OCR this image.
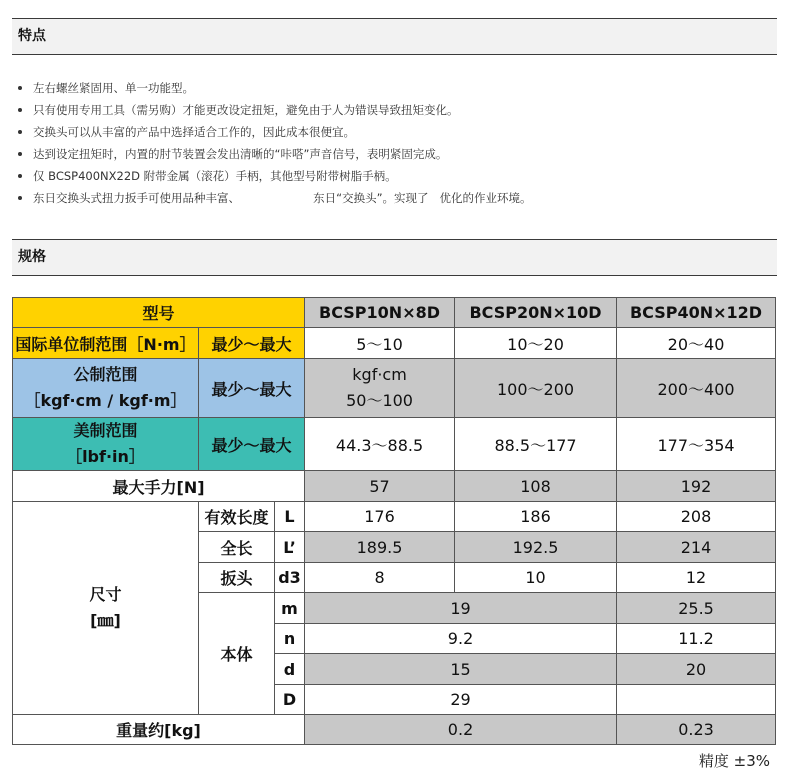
特点
左右螺丝紧固用、单一功能型。
只有使用专用工具（需另购）才能更改设定扭矩，避免由于人为错误导致扭矩变化。
交换头可以从丰富的产品中选择适合工作的，因此成本很便宜。
达到设定扭矩时，内置的肘节装置会发出清晰的“咔嗒”声音信号，表明紧固完成。
仅 BCSP400NX22D 附带金属（滚花）手柄，其他型号附带树脂手柄。
东日交换头式扭力扳手可使用品种丰富、                    东日“交换头”。实现了   优化的作业环境。
规格
型号			BCSP10N×8D	BCSP20N×10D	BCSP40N×12D
国际单位制范围［N·m］	最少～最大		5～10	10～20	20～40

公制范围
［kgf·cm / kgf·m］	最少～最大		kgf·cm
50～100	100～200	200～400

美制范围
［lbf·in］	最少～最大		44.3～88.5	88.5～177	177～354
最大手力[N]			57	108	192

尺寸
[㎜]	有效长度	L	176	186	208
	全长	L’	189.5	192.5	214
	扳头	d3	8	10	12
	本体	m	19		25.5
		n	9.2		11.2
		d	15		20
		D	29		
重量约[kg]			0.2		0.23
精度 ±3%
